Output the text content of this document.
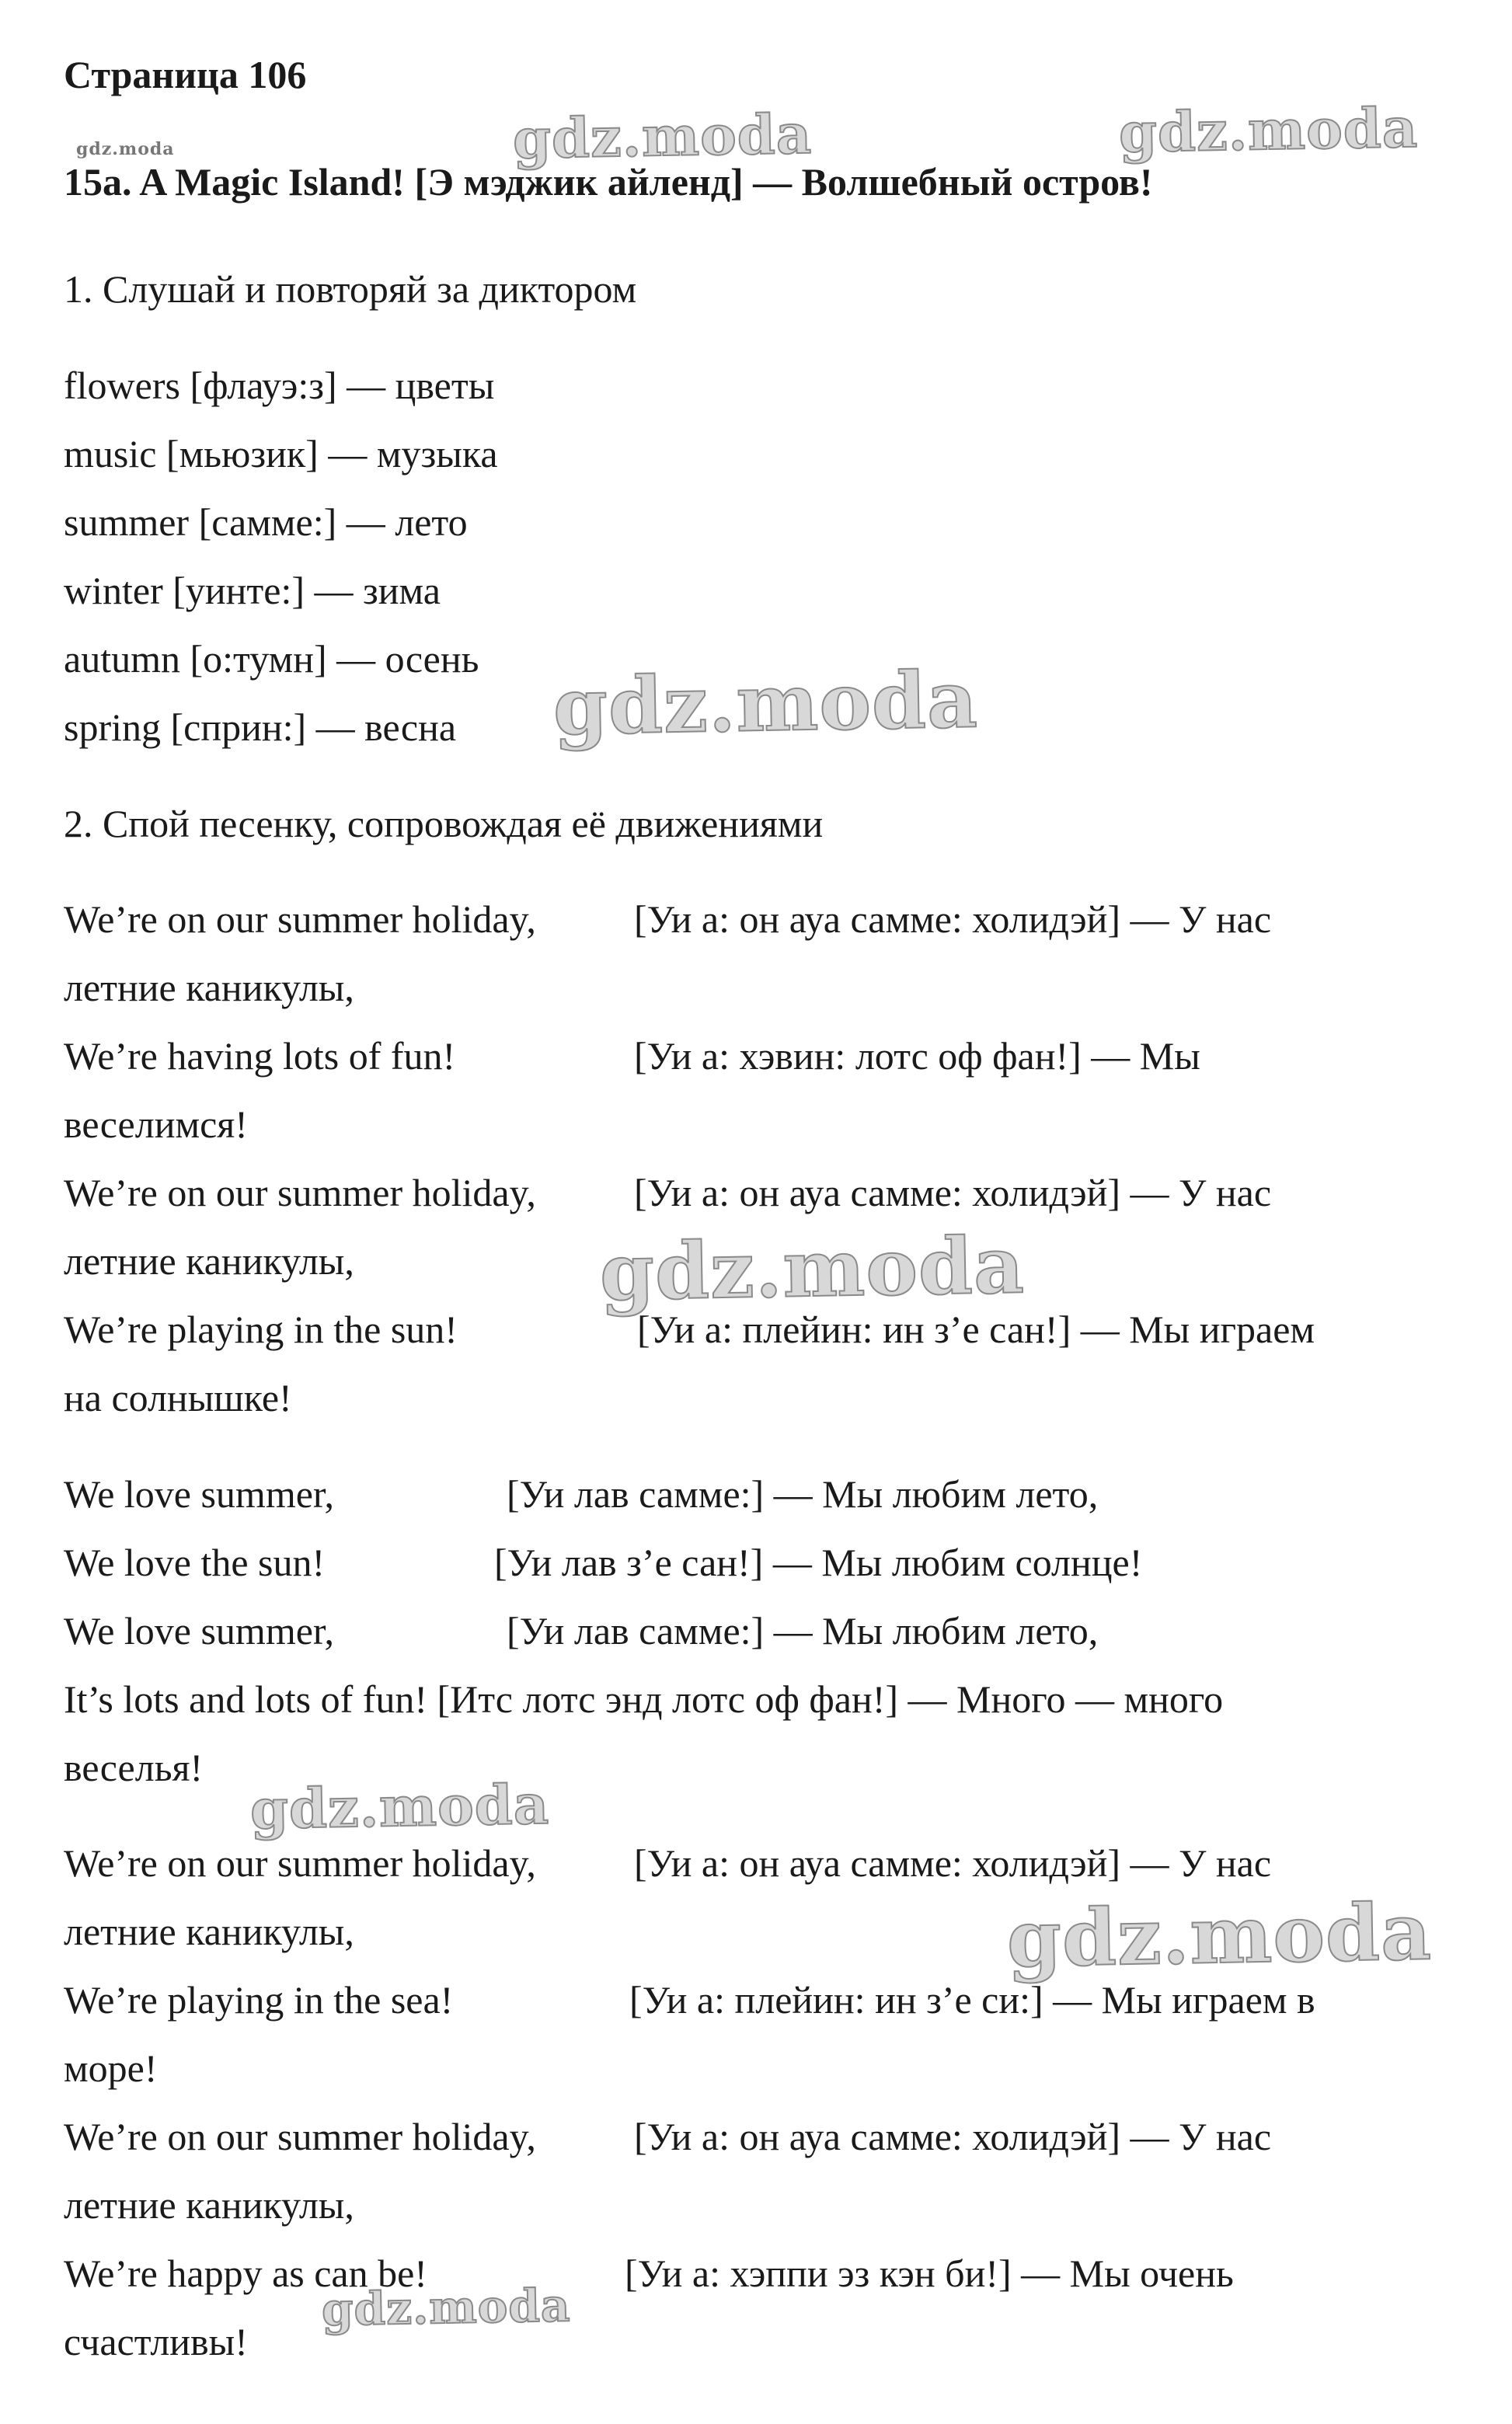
Страница 106
gdz.moda
15a. A Magic Island! [Э мэджик айленд] — Волшебный остров!
1. Слушай и повторяй за диктором
flowers [флауэ:з] — цветы
music [мьюзик] — музыка
summer [самме:] — лето
winter [уинте:] — зима
autumn [о:тумн] — осень
spring [сприн:] — весна
2. Спой песенку, сопровождая её движениями
We’re on our summer holiday,	[Уи а: он ауа самме: холидэй] — У нас
летние каникулы,
We’re having lots of fun!	[Уи а: хэвин: лотс оф фан!] — Мы
веселимся!
We’re on our summer holiday,	[Уи а: он ауа самме: холидэй] — У нас
летние каникулы,
We’re playing in the sun!	[Уи а: плейин: ин з’е сан!] — Мы играем
на солнышке!
We love summer,	[Уи лав самме:] — Мы любим лето,
We love the sun!	[Уи лав з’е сан!] — Мы любим солнце!
We love summer,	[Уи лав самме:] — Мы любим лето,
It’s lots and lots of fun! [Итс лотс энд лотс оф фан!] — Много — много
веселья!
We’re on our summer holiday,	[Уи а: он ауа самме: холидэй] — У нас
летние каникулы,
We’re playing in the sea!	[Уи а: плейин: ин з’е си:] — Мы играем в
море!
We’re on our summer holiday,	[Уи а: он ауа самме: холидэй] — У нас
летние каникулы,
We’re happy as can be!	[Уи а: хэппи эз кэн би!] — Мы очень
счастливы!
gdz.moda	gdz.moda
gdz.moda
gdz.moda
gdz.moda
gdz.moda
gdz.moda
